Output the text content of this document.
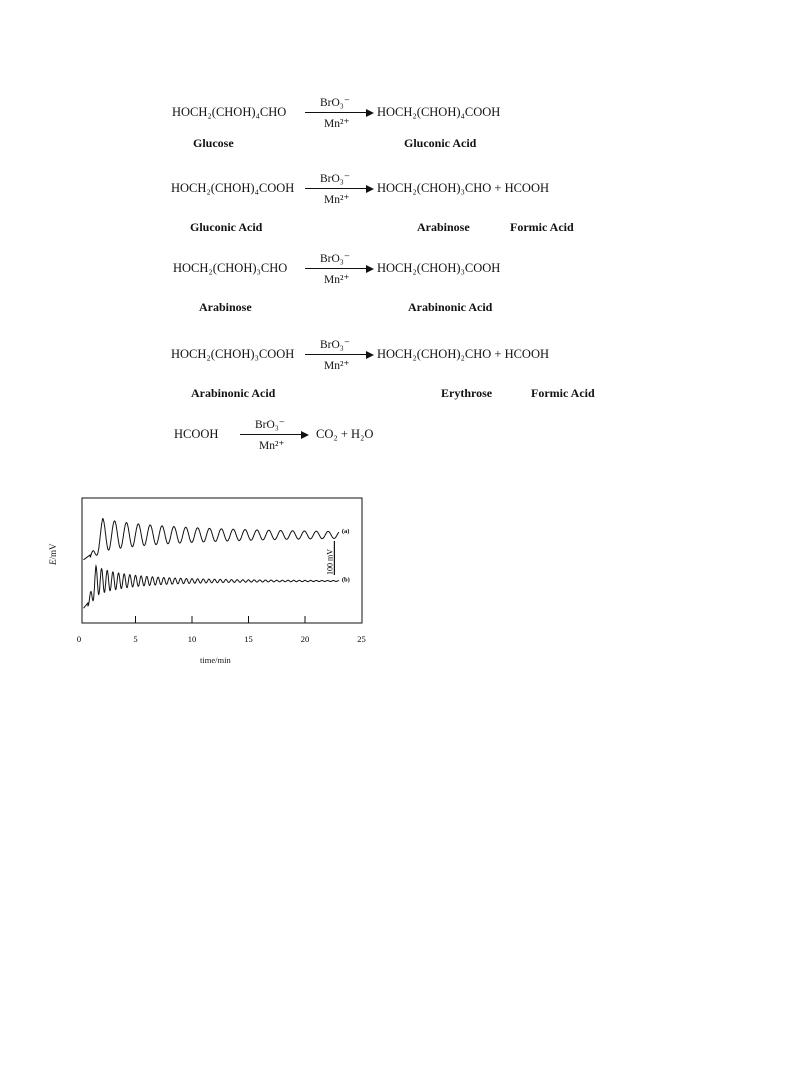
HOCH₂(CHOH)₄CHO
BrO₃⁻
Mn²⁺
HOCH₂(CHOH)₄COOH
Glucose	Gluconic Acid
HOCH₂(CHOH)₄COOH
BrO₃⁻
Mn²⁺
HOCH₂(CHOH)₃CHO + HCOOH
Gluconic Acid	Arabinose	Formic Acid
HOCH₂(CHOH)₃CHO
BrO₃⁻
Mn²⁺
HOCH₂(CHOH)₃COOH
Arabinose	Arabinonic Acid
HOCH₂(CHOH)₃COOH
BrO₃⁻
Mn²⁺
HOCH₂(CHOH)₂CHO + HCOOH
Arabinonic Acid	Erythrose	Formic Acid
HCOOH
BrO₃⁻
Mn²⁺
CO₂ + H₂O
0	5	10	15	20	25
(a)
(b)
100 mV
E/mV
time/min
